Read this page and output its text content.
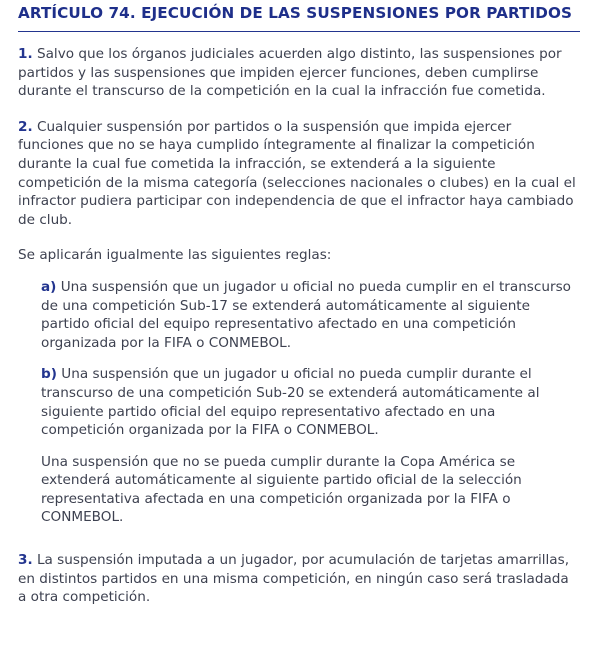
ARTÍCULO 74. EJECUCIÓN DE LAS SUSPENSIONES POR PARTIDOS

1. Salvo que los órganos judiciales acuerden algo distinto, las suspensiones por partidos y las suspensiones que impiden ejercer funciones, deben cumplirse durante el transcurso de la competición en la cual la infracción fue cometida.

2. Cualquier suspensión por partidos o la suspensión que impida ejercer funciones que no se haya cumplido íntegramente al finalizar la competición durante la cual fue cometida la infracción, se extenderá a la siguiente competición de la misma categoría (selecciones nacionales o clubes) en la cual el infractor pudiera participar con independencia de que el infractor haya cambiado de club.

Se aplicarán igualmente las siguientes reglas:

a) Una suspensión que un jugador u oficial no pueda cumplir en el transcurso de una competición Sub-17 se extenderá automáticamente al siguiente partido oficial del equipo representativo afectado en una competición organizada por la FIFA o CONMEBOL.

b) Una suspensión que un jugador u oficial no pueda cumplir durante el transcurso de una competición Sub-20 se extenderá automáticamente al siguiente partido oficial del equipo representativo afectado en una competición organizada por la FIFA o CONMEBOL.

Una suspensión que no se pueda cumplir durante la Copa América se extenderá automáticamente al siguiente partido oficial de la selección representativa afectada en una competición organizada por la FIFA o CONMEBOL.

3. La suspensión imputada a un jugador, por acumulación de tarjetas amarrillas, en distintos partidos en una misma competición, en ningún caso será trasladada a otra competición.
